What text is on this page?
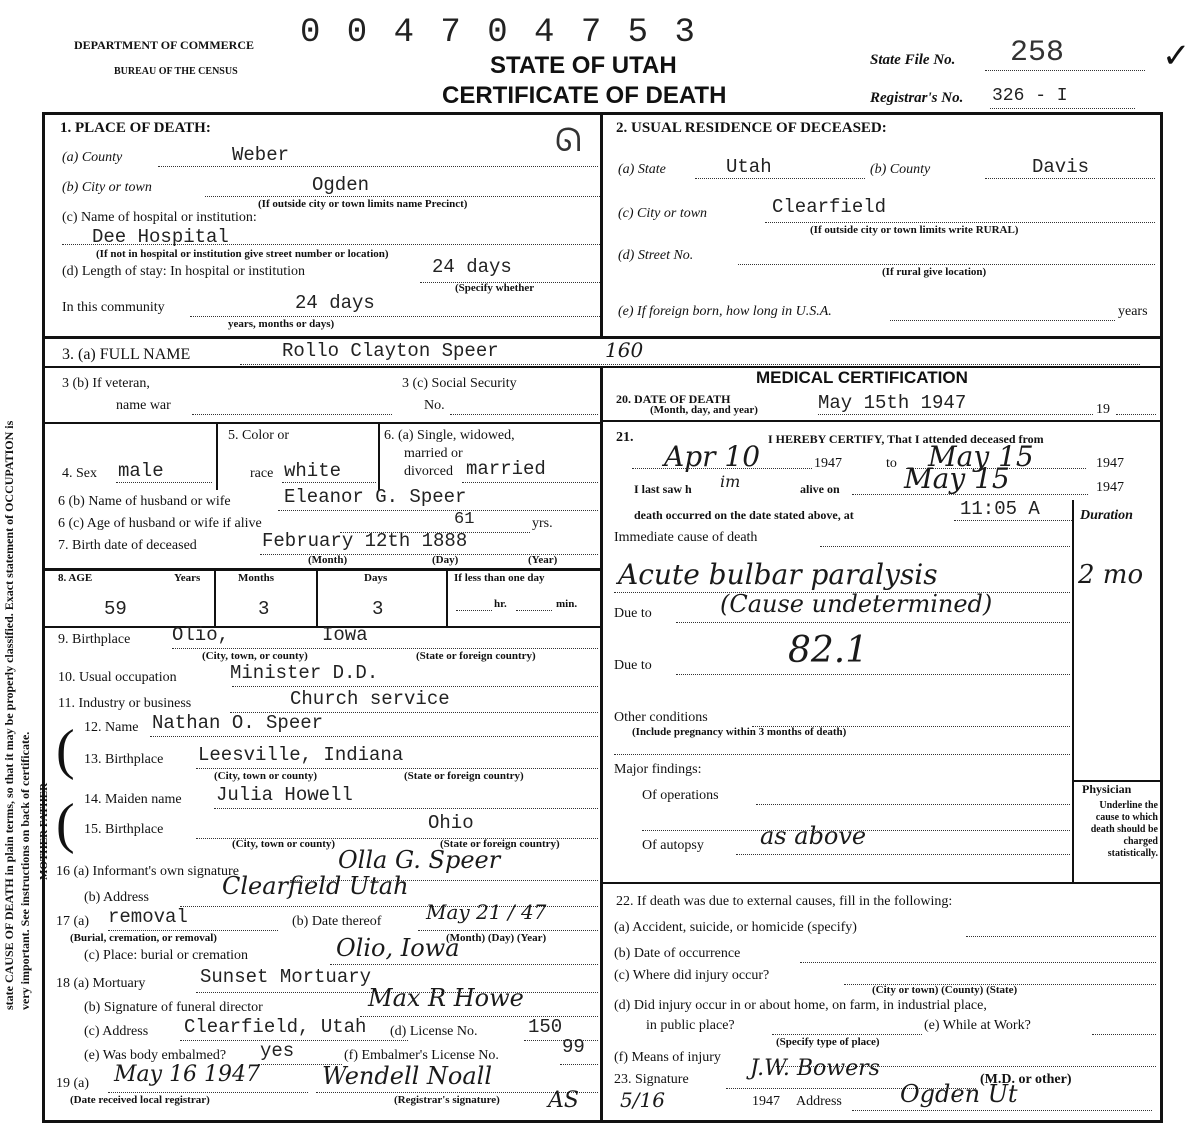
0 0 4 7 0 4 7 5 3
DEPARTMENT OF COMMERCE
BUREAU OF THE CENSUS	STATE OF UTAH
CERTIFICATE OF DEATH
State File No. 258
Registrar's No. 326 - I
✓
state CAUSE OF DEATH in plain terms, so that it may be properly classified. Exact statement of OCCUPATION is very important. See instructions on back of certificate.
1. PLACE OF DEATH:
(a) County	Weber	ᘏ
(b) City or town	Ogden
(If outside city or town limits name Precinct)
(c) Name of hospital or institution:
Dee Hospital
(If not in hospital or institution give street number or location)
(d) Length of stay: In hospital or institution	24 days
(Specify whether
In this community	24 days
years, months or days)
2. USUAL RESIDENCE OF DECEASED:
(a) State	Utah	(b) County	Davis
(c) City or town	Clearfield
(If outside city or town limits write RURAL)
(d) Street No.
(If rural give location)
(e) If foreign born, how long in U.S.A.	years
3. (a) FULL NAME	Rollo Clayton Speer	160
3 (b) If veteran,
name war
3 (c) Social Security
No.
4. Sex male
5. Color or
race white
6. (a) Single, widowed,
married or
divorced married
6 (b) Name of husband or wife	Eleanor G. Speer
6 (c) Age of husband or wife if alive	61	yrs.
7. Birth date of deceased	February 12th 1888
(Month)	(Day)	(Year)
8. AGE	Years	Months	Days	If less than one day
59	3	3	hr.	min.
9. Birthplace Olio,	Iowa
(City, town, or county)	(State or foreign country)
10. Usual occupation	Minister D.D.
11. Industry or business	Church service
MOTHER FATHER
(
(
12. Name Nathan O. Speer
13. Birthplace Leesville, Indiana
(City, town or county)	(State or foreign country)
14. Maiden name Julia Howell
15. Birthplace	Ohio
(City, town or county)	(State or foreign country)
16 (a) Informant's own signature	Olla G. Speer
(b) Address	Clearfield Utah
17 (a) removal
(Burial, cremation, or removal)
(b) Date thereof May 21 / 47
(Month) (Day) (Year)
(c) Place: burial or cremation	Olio, Iowa
18 (a) Mortuary	Sunset Mortuary
(b) Signature of funeral director	Max R Howe
(c) Address Clearfield, Utah (d) License No.	150
(e) Was body embalmed? yes	(f) Embalmer's License No.	99
19 (a) May 16 1947
(Date received local registrar)
Wendell Noall
(Registrar's signature) AS
MEDICAL CERTIFICATION
20. DATE OF DEATH
(Month, day, and year)	May 15th 1947	19
21.	I HEREBY CERTIFY, That I attended deceased from
Apr 10	1947	to May 15	1947
I last saw h im	alive on May 15	1947
death occurred on the date stated above, at	11:05 A	Duration
Immediate cause of death
Acute bulbar paralysis	2 mo
Due to	(Cause undetermined)
Due to	82.1
Other conditions
(Include pregnancy within 3 months of death)
Major findings:
Of operations
Of autopsy as above
Physician
Underline the cause to which death should be charged statistically.
22. If death was due to external causes, fill in the following:
(a) Accident, suicide, or homicide (specify)
(b) Date of occurrence
(c) Where did injury occur?
(City or town) (County) (State)
(d) Did injury occur in or about home, on farm, in industrial place,
in public place?	(e) While at Work?
(Specify type of place)
(f) Means of injury
23. Signature	J.W. Bowers	(M.D. or other)
5/16	1947 Address Ogden Ut
